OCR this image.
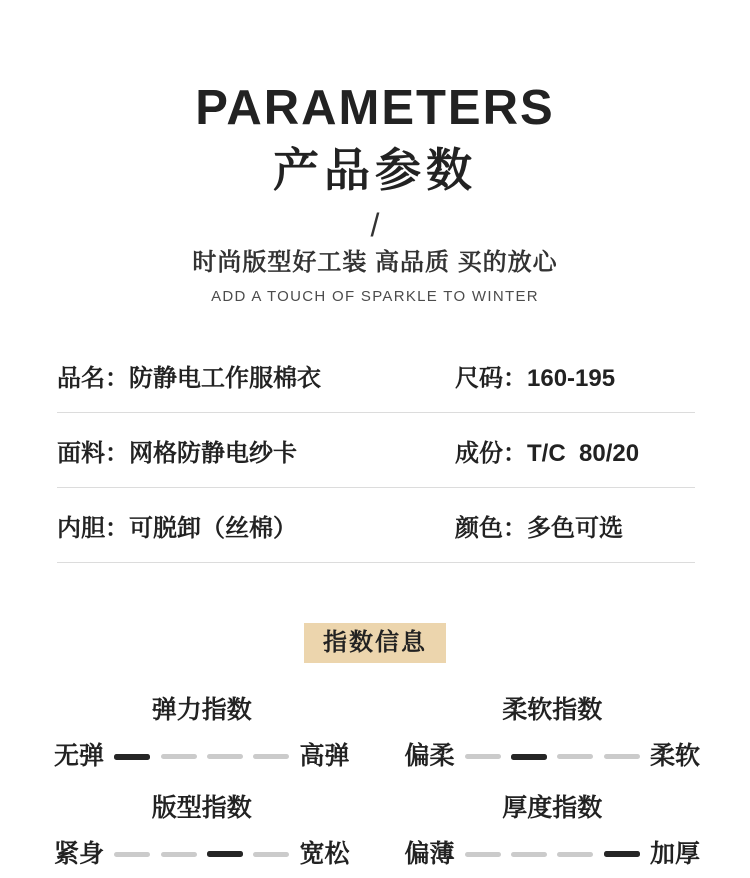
PARAMETERS
产品参数
/
时尚版型好工装 高品质 买的放心
ADD A TOUCH OF SPARKLE TO WINTER
品名：防静电工作服棉衣	尺码：160-195
面料：网格防静电纱卡	成份：T/C  80/20
内胆：可脱卸（丝棉）	颜色：多色可选
指数信息
弹力指数
无弹	高弹
柔软指数
偏柔	柔软
版型指数
紧身	宽松
厚度指数
偏薄	加厚
